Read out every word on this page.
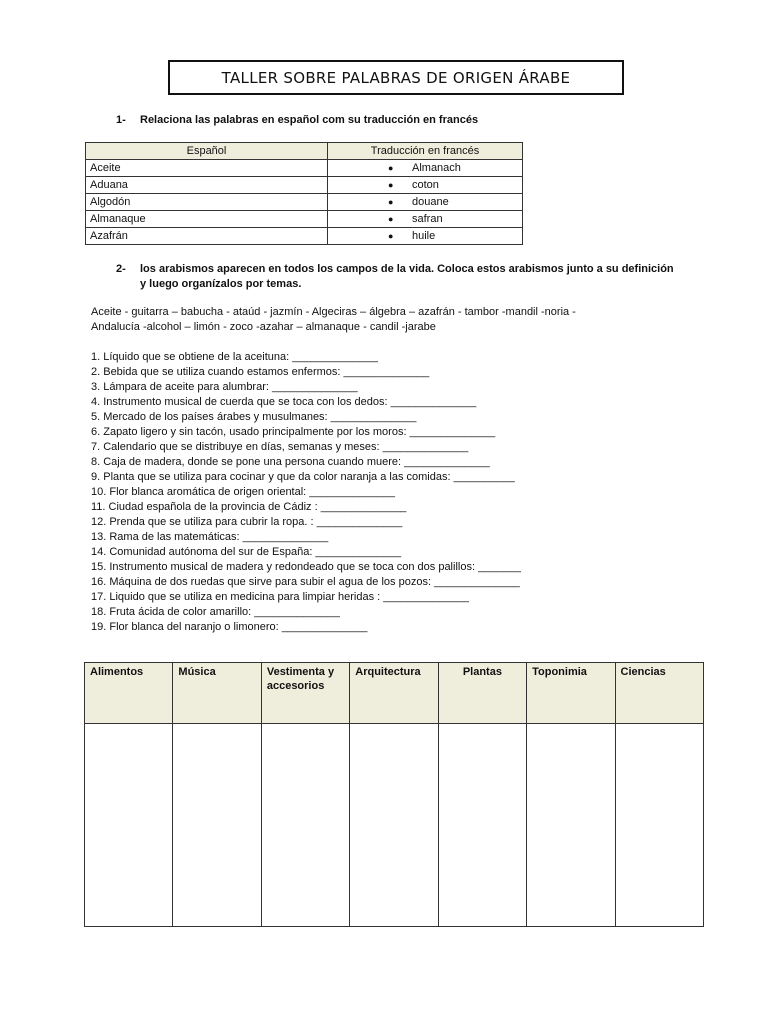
TALLER SOBRE PALABRAS DE ORIGEN ÁRABE
1- Relaciona las palabras en español com su traducción en francés
Español	Traducción en francés
Aceite	● Almanach
Aduana	● coton
Algodón	● douane
Almanaque	● safran
Azafrán	● huile
2- los arabismos aparecen en todos los campos de la vida. Coloca estos arabismos junto a su definición
y luego organízalos por temas.
Aceite - guitarra – babucha - ataúd - jazmín - Algeciras – álgebra – azafrán - tambor -mandil -noria -
Andalucía -alcohol – limón - zoco -azahar – almanaque - candil -jarabe
1. Líquido que se obtiene de la aceituna: ______________
2. Bebida que se utiliza cuando estamos enfermos: ______________
3. Lámpara de aceite para alumbrar: ______________
4. Instrumento musical de cuerda que se toca con los dedos: ______________
5. Mercado de los países árabes y musulmanes: ______________
6. Zapato ligero y sin tacón, usado principalmente por los moros: ______________
7. Calendario que se distribuye en días, semanas y meses: ______________
8. Caja de madera, donde se pone una persona cuando muere: ______________
9. Planta que se utiliza para cocinar y que da color naranja a las comidas: __________
10. Flor blanca aromática de origen oriental: ______________
11. Ciudad española de la provincia de Cádiz : ______________
12. Prenda que se utiliza para cubrir la ropa. : ______________
13. Rama de las matemáticas: ______________
14. Comunidad autónoma del sur de España: ______________
15. Instrumento musical de madera y redondeado que se toca con dos palillos: _______
16. Máquina de dos ruedas que sirve para subir el agua de los pozos: ______________
17. Liquido que se utiliza en medicina para limpiar heridas : ______________
18. Fruta ácida de color amarillo: ______________
19. Flor blanca del naranjo o limonero: ______________
Alimentos	Música	Vestimenta y accesorios	Arquitectura	Plantas	Toponimia	Ciencias
